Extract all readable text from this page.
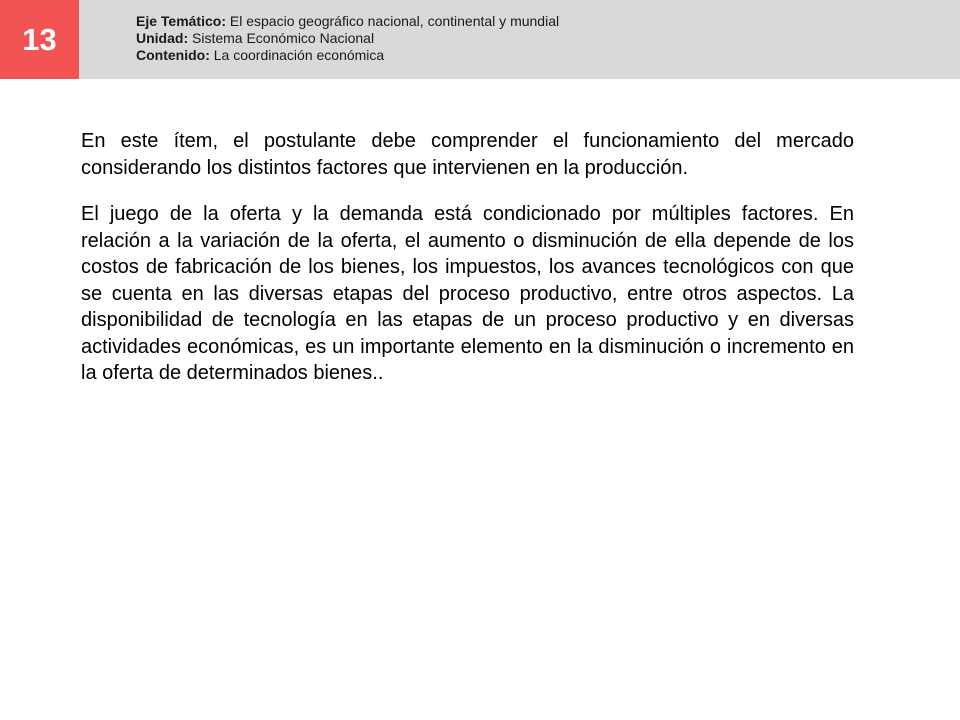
13
Eje Temático: El espacio geográfico nacional, continental y mundial
Unidad: Sistema Económico Nacional
Contenido: La coordinación económica

En este ítem, el postulante debe comprender el funcionamiento del mercado considerando los distintos factores que intervienen en la producción.

El juego de la oferta y la demanda está condicionado por múltiples factores. En relación a la variación de la oferta, el aumento o disminución de ella depende de los costos de fabricación de los bienes, los impuestos, los avances tecnológicos con que se cuenta en las diversas etapas del proceso productivo, entre otros aspectos. La disponibilidad de tecnología en las etapas de un proceso productivo y en diversas actividades económicas, es un importante elemento en la disminución o incremento en la oferta de determinados bienes..
